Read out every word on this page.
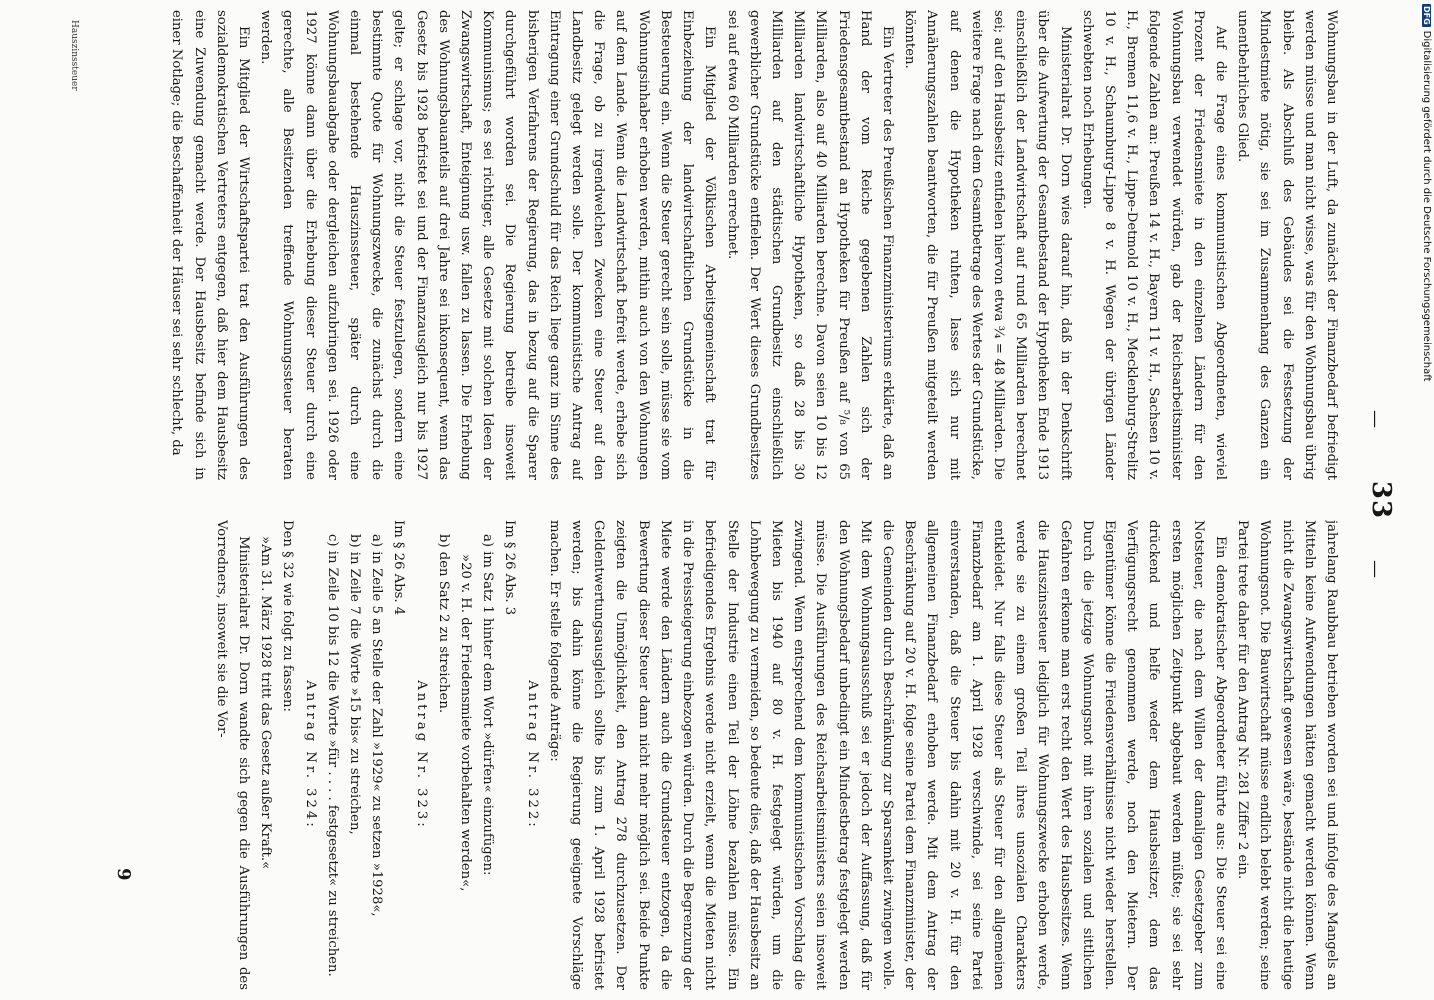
—
33
—

Wohnungsbau in der Luft, da zunächst der Finanzbedarf befriedigt werden müsse und man nicht wisse, was für den Wohnungsbau übrig bleibe. Als Abschluß des Gebäudes sei die Festsetzung der Mindestmiete nötig, sie sei im Zusammenhang des Ganzen ein unentbehrliches Glied.

Auf die Frage eines kommunistischen Abgeordneten, wieviel Prozent der Friedensmiete in den einzelnen Ländern für den Wohnungsbau verwendet würden, gab der Reichsarbeitsminister folgende Zahlen an: Preußen 14 v. H., Bayern 11 v. H., Sachsen 10 v. H., Bremen 11,6 v. H., Lippe-Detmold 10 v. H., Mecklenburg-Strelitz 10 v. H., Schaumburg-Lippe 8 v. H. Wegen der übrigen Länder schwebten noch Erhebungen.

Ministerialrat Dr. Dorn wies darauf hin, daß in der Denkschrift über die Aufwertung der Gesamtbestand der Hypotheken Ende 1913 einschließlich der Landwirtschaft auf rund 65 Milliarden berechnet sei; auf den Hausbesitz entfielen hiervon etwa ¾ = 48 Milliarden. Die weitere Frage nach dem Gesamtbetrage des Wertes der Grundstücke, auf denen die Hypotheken ruhten, lasse sich nur mit Annäherungszahlen beantworten, die für Preußen mitgeteilt werden könnten.

Ein Vertreter des Preußischen Finanzministeriums erklärte, daß an Hand der vom Reiche gegebenen Zahlen sich der Friedensgesamtbestand an Hypotheken für Preußen auf ⁵/₈ von 65 Milliarden, also auf 40 Milliarden berechne. Davon seien 10 bis 12 Milliarden landwirtschaftliche Hypotheken, so daß 28 bis 30 Milliarden auf den städtischen Grundbesitz einschließlich gewerblicher Grundstücke entfielen. Der Wert dieses Grundbesitzes sei auf etwa 60 Milliarden errechnet.

Ein Mitglied der Völkischen Arbeitsgemeinschaft trat für Einbeziehung der landwirtschaftlichen Grundstücke in die Besteuerung ein. Wenn die Steuer gerecht sein solle, müsse sie vom Wohnungsinhaber erhoben werden, mithin auch von den Wohnungen auf dem Lande. Wenn die Landwirtschaft befreit werde, erhebe sich die Frage, ob zu irgendwelchen Zwecken eine Steuer auf den Landbesitz gelegt werden solle. Der kommunistische Antrag auf Eintragung einer Grundschuld für das Reich liege ganz im Sinne des bisherigen Verfahrens der Regierung, das in bezug auf die Sparer durchgeführt worden sei. Die Regierung betreibe insoweit Kommunismus; es sei richtiger, alle Gesetze mit solchen Ideen der Zwangswirtschaft, Enteignung usw. fallen zu lassen. Die Erhebung des Wohnungsbauanteils auf drei Jahre sei inkonsequent, wenn das Gesetz bis 1928 befristet sei und der Finanzausgleich nur bis 1927 gelte; er schlage vor, nicht die Steuer festzulegen, sondern eine bestimmte Quote für Wohnungszwecke, die zunächst durch die einmal bestehende Hauszinssteuer, später durch eine Wohnungsbauabgabe oder dergleichen aufzubringen sei. 1926 oder 1927 könne dann über die Erhebung dieser Steuer durch eine gerechte, alle Besitzenden treffende Wohnungssteuer beraten werden.

Ein Mitglied der Wirtschaftspartei trat den Ausführungen des sozialdemokratischen Vertreters entgegen, daß hier dem Hausbesitz eine Zuwendung gemacht werde. Der Hausbesitz befinde sich in einer Notlage; die Beschaffenheit der Häuser sei sehr schlecht, da

jahrelang Raubbau betrieben worden sei und infolge des Mangels an Mitteln keine Aufwendungen hätten gemacht werden können. Wenn nicht die Zwangswirtschaft gewesen wäre, bestände nicht die heutige Wohnungsnot. Die Bauwirtschaft müsse endlich belebt werden; seine Partei trete daher für den Antrag Nr. 281 Ziffer 2 ein.

Ein demokratischer Abgeordneter führte aus: Die Steuer sei eine Notsteuer, die nach dem Willen der damaligen Gesetzgeber zum ersten möglichen Zeitpunkt abgebaut werden müßte; sie sei sehr drückend und helfe weder dem Hausbesitzer, dem das Verfügungsrecht genommen werde, noch den Mietern. Der Eigentümer könne die Friedensverhältnisse nicht wieder herstellen. Durch die jetzige Wohnungsnot mit ihren sozialen und sittlichen Gefahren erkenne man erst recht den Wert des Hausbesitzes. Wenn die Hauszinssteuer lediglich für Wohnungszwecke erhoben werde, werde sie zu einem großen Teil ihres unsozialen Charakters entkleidet. Nur falls diese Steuer als Steuer für den allgemeinen Finanzbedarf am 1. April 1928 verschwinde, sei seine Partei einverstanden, daß die Steuer bis dahin mit 20 v. H. für den allgemeinen Finanzbedarf erhoben werde. Mit dem Antrag der Beschränkung auf 20 v. H. folge seine Partei dem Finanzminister, der die Gemeinden durch Beschränkung zur Sparsamkeit zwingen wolle. Mit dem Wohnungsausschuß sei er jedoch der Auffassung, daß für den Wohnungsbedarf unbedingt ein Mindestbetrag festgelegt werden müsse. Die Ausführungen des Reichsarbeitsministers seien insoweit zwingend. Wenn entsprechend dem kommunistischen Vorschlag die Mieten bis 1940 auf 80 v. H. festgelegt würden, um die Lohnbewegung zu vermeiden, so bedeute dies, daß der Hausbesitz an Stelle der Industrie einen Teil der Löhne bezahlen müsse. Ein befriedigendes Ergebnis werde nicht erzielt, wenn die Mieten nicht in die Preissteigerung einbezogen würden. Durch die Begrenzung der Miete werde den Ländern auch die Grundsteuer entzogen, da die Bewertung dieser Steuer dann nicht mehr möglich sei. Beide Punkte zeigten die Unmöglichkeit, den Antrag 278 durchzusetzen. Der Geldentwertungsausgleich sollte bis zum 1. April 1928 befristet werden; bis dahin könne die Regierung geeignete Vorschläge machen. Er stelle folgende Anträge:

Antrag Nr. 322:

Im § 26 Abs. 3

a) im Satz 1 hinter dem Wort »dürfen« einzufügen:

»20 v. H. der Friedensmiete vorbehalten werden«,

b) den Satz 2 zu streichen.

Antrag Nr. 323:

Im § 26 Abs. 4

a) in Zeile 5 an Stelle der Zahl »1929« zu setzen »1928«,

b) in Zeile 7 die Worte »15 bis« zu streichen,

c) in Zeile 10 bis 12 die Worte »für . . . . festgesetzt« zu streichen.

Antrag Nr. 324:

Den § 32 wie folgt zu fassen:

»Am 31. März 1928 tritt das Gesetz außer Kraft.«

Ministerialrat Dr. Dorn wandte sich gegen die Ausführungen des Vorredners, insoweit sie die Vor-

9
Hauszinssteuer
DFGDigitalisierung gefördert durch die Deutsche Forschungsgemeinschaft
